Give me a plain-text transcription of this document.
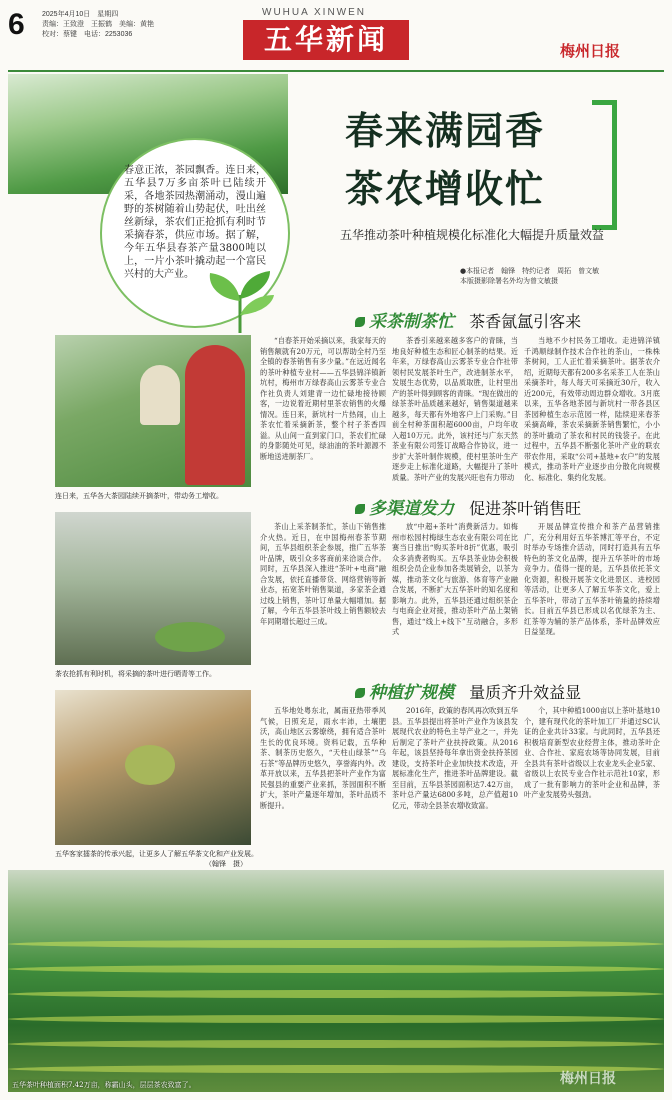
6 2025年4月10日　星期四
责编：王致澄　王振鹤　美编：黄艳
校对：蔡键　电话：2253036
WUHUA XINWEN
五华新闻	梅州日报
春来满园香
茶农增收忙
五华推动茶叶种植规模化标准化大幅提升质量效益
春意正浓，茶园飘香。连日来，五华县7万多亩茶叶已陆续开采，各地茶园热潮涌动，漫山遍野的茶树随着山势起伏，吐出丝丝新绿，茶农们正抢抓有利时节采摘春茶，供应市场。据了解，今年五华县春茶产量3800吨以上，一片小茶叶撬动起一个富民兴村的大产业。	●本报记者　翰锋　特约记者　周拓　曾文敏
本版摄影除署名外均为曾文敏摄
连日来，五华各大茶园陆续开摘茶叶，带动务工增收。
茶农抢抓有利时机，将采摘的茶叶进行晒青等工作。
五华客家擂茶的传承兴起，让更多人了解五华茶文化和产业发展。
（翰锋　摄）
采茶制茶忙 茶香氤氲引客来
“自春茶开始采摘以来，我家每天的销售额就有20万元，可以帮助全村乃至全镇的春茶销售有多少量。”在远近闻名的茶叶种植专业村——五华县锦洋镇新坑村，梅州市万绿春高山云雾茶专业合作社负责人刘建青一边忙碌地接待顾客，一边说着近期村里茶农销售的火爆情况。连日来，新坑村一片热闹，山上茶农忙着采摘新茶，整个村子茶香四溢。从山间一直到家门口，茶农们忙碌的身影随处可见，绿油油的茶叶源源不断地送进制茶厂。
茶香引来越来越多客户的青睐，当地良好种植生态和匠心制茶的结果。近年来，万绿春高山云雾茶专业合作社带领村民发展茶叶生产，改进制茶水平，发展生态优势，以品质取胜，让村里出产的茶叶得到顾客的青睐。“现在做出的绿茶茶叶品质越来越好，销售渠道越来越多，每天都有外地客户上门采购。”目前全村种茶面积超6000亩，户均年收入超10万元。此外，该村还与广东天然茶业有限公司签订战略合作协议，进一步扩大茶叶制作规模，使村里茶叶生产逐步走上标准化道路，大幅提升了茶叶质量。茶叶产业的发展兴旺也有力带动
当地不少村民务工增收。走进锦洋镇千鸿顺绿制作技术合作社的茶山，一株株茶树间，工人正忙着采摘茶叶。据茶农介绍，近期每天都有200多名采茶工人在茶山采摘茶叶，每人每天可采摘近30斤，收入近200元，有效带动周边群众增收。3月底以来，五华各地茶园与新坑村一带各县区茶园种植生态示范园一样，陆续迎来春茶采摘高峰，茶农采摘新茶销售繁忙，小小的茶叶撬动了茶农和村民的钱袋子。在此过程中，五华县不断强化茶叶产业的联农带农作用，采取“公司+基地+农户”的发展模式，推动茶叶产业逐步由分散化向规模化、标准化、集约化发展。
多渠道发力 促进茶叶销售旺
茶山上采茶制茶忙，茶山下销售推介火热。近日，在中国梅州春茶节期间，五华县组织茶企参展，推广五华茶叶品牌，吸引众多客商前来洽谈合作。同时，五华县深入推进“茶叶+电商”融合发展，依托直播带货、网络营销等新业态，拓宽茶叶销售渠道，多家茶企通过线上销售，茶叶订单量大幅增加。据了解，今年五华县茶叶线上销售额较去年同期增长超过三成。
放“中超+茶叶”消费新活力。如梅州市松园村梅绿生态农业有限公司在比赛当日推出“购买茶叶8折”优惠，吸引众多消费者购买。五华县茶业协会积极组织会员企业参加各类展销会，以茶为媒，推动茶文化与旅游、体育等产业融合发展，不断扩大五华茶叶的知名度和影响力。此外，五华县还通过组织茶企与电商企业对接，推动茶叶产品上架销售，通过“线上+线下”互动融合，多形式
开展品牌宣传推介和茶产品营销推广，充分利用好五华茶博汇等平台，不定时举办专场推介活动，同时打造具有五华特色的茶文化品牌，提升五华茶叶的市场竞争力。值得一提的是，五华县依托茶文化资源，积极开展茶文化进景区、进校园等活动，让更多人了解五华茶文化，爱上五华茶叶，带动了五华茶叶销量的持续增长。目前五华县已形成以名优绿茶为主、红茶等为辅的茶产品体系，茶叶品牌效应日益显现。
种植扩规模 量质齐升效益显
五华地处粤东北，属南亚热带季风气候，日照充足，雨水丰沛，土壤肥沃，高山地区云雾缭绕，拥有适合茶叶生长的优良环境。资料记载，五华种茶、制茶历史悠久，“天柱山绿茶”“乌石茶”等品牌历史悠久，享誉海内外。改革开放以来，五华县把茶叶产业作为富民强县的重要产业来抓，茶园面积不断扩大，茶叶产量逐年增加，茶叶品质不断提升。
2016年，政策的春风再次吹到五华县。五华县提出将茶叶产业作为该县发展现代农业的特色主导产业之一，并先后制定了茶叶产业扶持政策。从2016年起，该县坚持每年拿出资金扶持茶园建设，支持茶叶企业加快技术改造，开展标准化生产，推进茶叶品牌建设。截至目前，五华县茶园面积达7.42万亩，茶叶总产量达6800多吨，总产值超10亿元，带动全县茶农增收致富。
个，其中种植1000亩以上茶叶基地10个，建有现代化的茶叶加工厂并通过SC认证的企业共计33家。与此同时，五华县还积极培育新型农业经营主体，推动茶叶企业、合作社、家庭农场等协同发展，目前全县共有茶叶省级以上农业龙头企业5家、省级以上农民专业合作社示范社10家，形成了一批有影响力的茶叶企业和品牌，茶叶产业发展势头强劲。
五华茶叶种植面积7.42万亩，称霸山头，层层茶农致富了。	梅州日报
